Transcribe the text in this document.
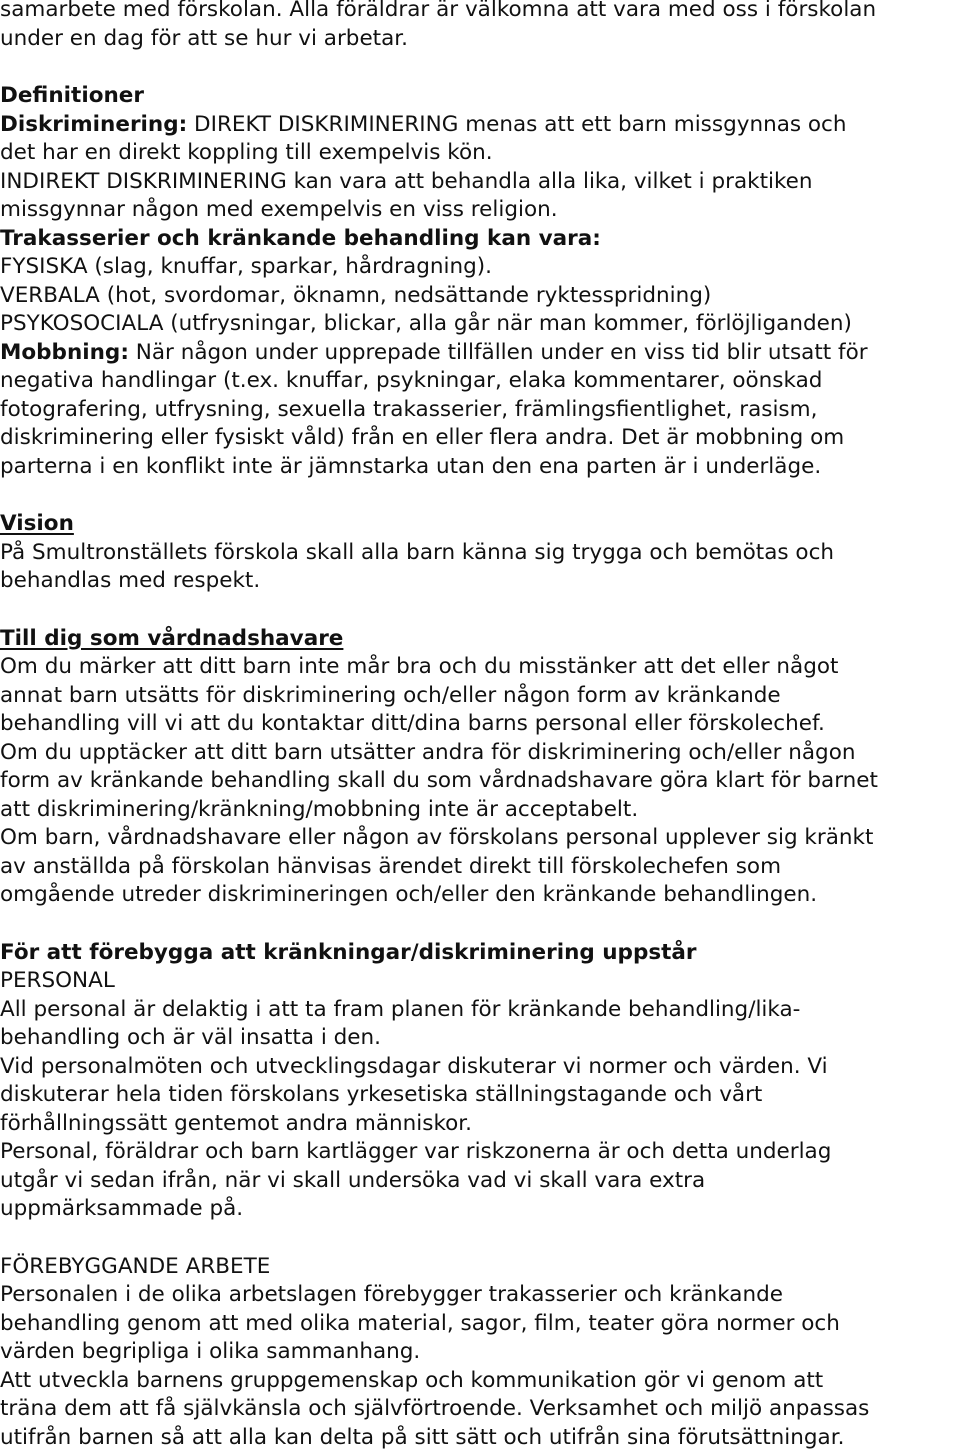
samarbete med förskolan. Alla föräldrar är välkomna att vara med oss i förskolan
under en dag för att se hur vi arbetar.
Definitioner
Diskriminering: DIREKT DISKRIMINERING menas att ett barn missgynnas och
det har en direkt koppling till exempelvis kön.
INDIREKT DISKRIMINERING kan vara att behandla alla lika, vilket i praktiken
missgynnar någon med exempelvis en viss religion.
Trakasserier och kränkande behandling kan vara:
FYSISKA (slag, knuffar, sparkar, hårdragning).
VERBALA (hot, svordomar, öknamn, nedsättande ryktesspridning)
PSYKOSOCIALA (utfrysningar, blickar, alla går när man kommer, förlöjliganden)
Mobbning: När någon under upprepade tillfällen under en viss tid blir utsatt för
negativa handlingar (t.ex. knuffar, psykningar, elaka kommentarer, oönskad
fotografering, utfrysning, sexuella trakasserier, främlingsfientlighet, rasism,
diskriminering eller fysiskt våld) från en eller flera andra. Det är mobbning om
parterna i en konflikt inte är jämnstarka utan den ena parten är i underläge.
Vision
På Smultronställets förskola skall alla barn känna sig trygga och bemötas och
behandlas med respekt.
Till dig som vårdnadshavare
Om du märker att ditt barn inte mår bra och du misstänker att det eller något
annat barn utsätts för diskriminering och/eller någon form av kränkande
behandling vill vi att du kontaktar ditt/dina barns personal eller förskolechef.
Om du upptäcker att ditt barn utsätter andra för diskriminering och/eller någon
form av kränkande behandling skall du som vårdnadshavare göra klart för barnet
att diskriminering/kränkning/mobbning inte är acceptabelt.
Om barn, vårdnadshavare eller någon av förskolans personal upplever sig kränkt
av anställda på förskolan hänvisas ärendet direkt till förskolechefen som
omgående utreder diskrimineringen och/eller den kränkande behandlingen.
För att förebygga att kränkningar/diskriminering uppstår
PERSONAL
All personal är delaktig i att ta fram planen för kränkande behandling/lika-
behandling och är väl insatta i den.
Vid personalmöten och utvecklingsdagar diskuterar vi normer och värden. Vi
diskuterar hela tiden förskolans yrkesetiska ställningstagande och vårt
förhållningssätt gentemot andra människor.
Personal, föräldrar och barn kartlägger var riskzonerna är och detta underlag
utgår vi sedan ifrån, när vi skall undersöka vad vi skall vara extra
uppmärksammade på.
FÖREBYGGANDE ARBETE
Personalen i de olika arbetslagen förebygger trakasserier och kränkande
behandling genom att med olika material, sagor, film, teater göra normer och
värden begripliga i olika sammanhang.
Att utveckla barnens gruppgemenskap och kommunikation gör vi genom att
träna dem att få självkänsla och självförtroende. Verksamhet och miljö anpassas
utifrån barnen så att alla kan delta på sitt sätt och utifrån sina förutsättningar.
